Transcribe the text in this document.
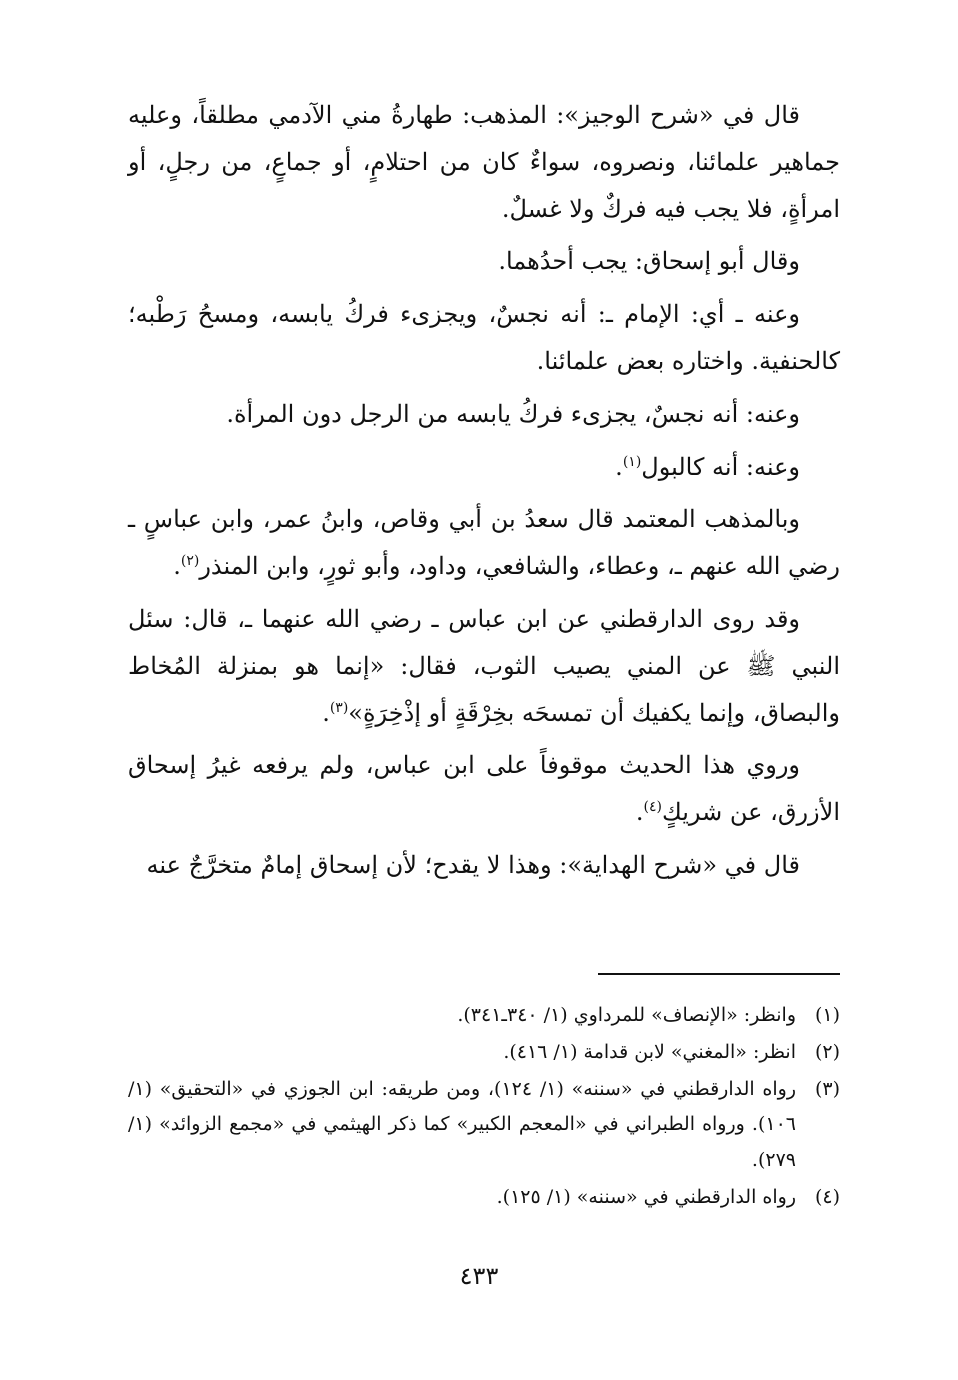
قال في «شرح الوجيز»: المذهب: طهارةُ مني الآدمي مطلقاً، وعليه جماهير علمائنا، ونصروه، سواءٌ كان من احتلامٍ، أو جماعٍ، من رجلٍ، أو امرأةٍ، فلا يجب فيه فركٌ ولا غسلٌ.

وقال أبو إسحاق: يجب أحدُهما.

وعنه ـ أي: الإمام ـ: أنه نجسٌ، ويجزىء فركُ يابسه، ومسحُ رَطْبه؛ كالحنفية. واختاره بعض علمائنا.

وعنه: أنه نجسٌ، يجزىء فركُ يابسه من الرجل دون المرأة.

وعنه: أنه كالبول$^{(١)}$.

وبالمذهب المعتمد قال سعدُ بن أبي وقاص، وابنُ عمر، وابن عباسٍ ـ رضي الله عنهم ـ، وعطاء، والشافعي، وداود، وأبو ثورٍ، وابن المنذر$^{(٢)}$.

وقد روى الدارقطني عن ابن عباس ـ رضي الله عنهما ـ، قال: سئل النبي ﷺ عن المني يصيب الثوب، فقال: «إنما هو بمنزلة المُخاط والبصاق، وإنما يكفيك أن تمسحَه بخِرْقَةٍ أو إذْخِرَةٍ»$^{(٣)}$.

وروي هذا الحديث موقوفاً على ابن عباس، ولم يرفعه غيرُ إسحاق الأزرق، عن شريكٍ$^{(٤)}$.

قال في «شرح الهداية»: وهذا لا يقدح؛ لأن إسحاق إمامٌ متخرَّجٌ عنه

(١)
وانظر: «الإنصاف» للمرداوي (١/ ٣٤٠ـ٣٤١).
(٢)
انظر: «المغني» لابن قدامة (١/ ٤١٦).
(٣)
رواه الدارقطني في «سننه» (١/ ١٢٤)، ومن طريقه: ابن الجوزي في «التحقيق» (١/ ١٠٦). ورواه الطبراني في «المعجم الكبير» كما ذكر الهيثمي في «مجمع الزوائد» (١/ ٢٧٩).
(٤)
رواه الدارقطني في «سننه» (١/ ١٢٥).
٤٣٣
